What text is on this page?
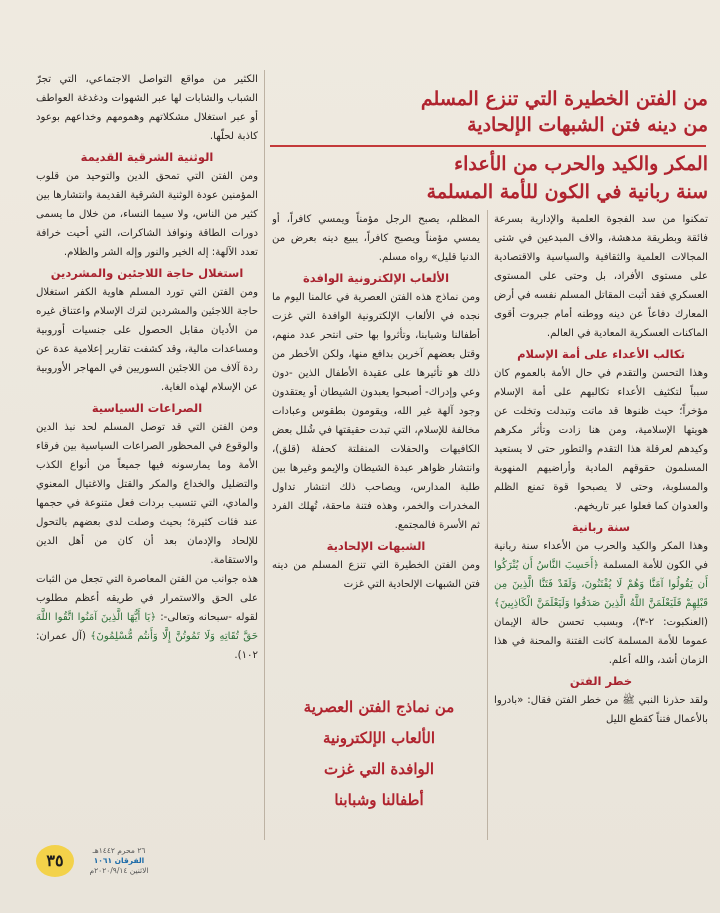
من الفتن الخطيرة التي تنزع المسلم
من دينه فتن الشبهات الإلحادية
المكر والكيد والحرب من الأعداء
سنة ربانية في الكون للأمة المسلمة

تمكنوا من سد الفجوة العلمية والإدارية بسرعة فائقة وبطريقة مدهشة، والاف المبدعين في شتى المجالات العلمية والثقافية والسياسية والاقتصادية على مستوى الأفراد، بل وحتى على المستوى العسكري فقد أثبت المقاتل المسلم نفسه في أرض المعارك دفاعاً عن دينه ووطنه أمام جبروت أقوى الماكنات العسكرية المعادية في العالم.

تكالب الأعداء على أمة الإسلام

وهذا التحسن والتقدم في حال الأمة بالعموم كان سبباً لتكثيف الأعداء تكالبهم على أمة الإسلام مؤخراً؛ حيث ظنوها قد ماتت وتبدلت وتخلت عن هويتها الإسلامية، ومن هنا زادت وتأثر مكرهم وكيدهم لعرقلة هذا التقدم والتطور حتى لا يستعيد المسلمون حقوقهم المادية وأراضيهم المنهوبة والمسلوبة، وحتى لا يصبحوا قوة تمنع الظلم والعدوان كما فعلوا عبر تاريخهم.

سنة ربانية

وهذا المكر والكيد والحرب من الأعداء سنة ربانية في الكون للأمة المسلمة ﴿أَحَسِبَ النَّاسُ أَن يُتْرَكُوا أَن يَقُولُوا آمَنَّا وَهُمْ لَا يُفْتَنُونَ، وَلَقَدْ فَتَنَّا الَّذِينَ مِن قَبْلِهِمْ فَلَيَعْلَمَنَّ اللَّهُ الَّذِينَ صَدَقُوا وَلَيَعْلَمَنَّ الْكَاذِبِينَ﴾ (العنكبوت: ٢-٣)، وبسبب تحسن حالة الإيمان عموما للأمة المسلمة كانت الفتنة والمحنة في هذا الزمان أشد، والله أعلم.

خطر الفتن

ولقد حذرنا النبي ﷺ من خطر الفتن فقال: «بادروا بالأعمال فتناً كقطع الليل

المظلم، يصبح الرجل مؤمناً ويمسي كافراً، أو يمسي مؤمناً ويصبح كافراً، يبيع دينه بعرض من الدنيا قليل» رواه مسلم.

الألعاب الإلكترونية الوافدة

ومن نماذج هذه الفتن العصرية في عالمنا اليوم ما نجده في الألعاب الإلكترونية الوافدة التي غزت أطفالنا وشبابنا، وتأثروا بها حتى انتحر عدد منهم، وقتل بعضهم آخرين بدافع منها، ولكن الأخطر من ذلك هو تأثيرها على عقيدة الأطفال الذين -دون وعي وإدراك- أصبحوا يعبدون الشيطان أو يعتقدون وجود آلهة غير الله، ويقومون بطقوس وعبادات مخالفة للإسلام، التي تبدت حقيقتها في شُلل بعض الكافيهات والحفلات المنفلتة كحفلة (قلق)، وانتشار ظواهر عبدة الشيطان والإيمو وغيرها بين طلبة المدارس، ويصاحب ذلك انتشار تداول المخدرات والخمر، وهذه فتنة ماحقة، تُهلك الفرد ثم الأسرة فالمجتمع.

الشبهات الإلحادية

ومن الفتن الخطيرة التي تنزع المسلم من دينه فتن الشبهات الإلحادية التي غزت

من نماذج الفتن العصرية
الألعاب الإلكترونية
الوافدة التي غزت
أطفالنا وشبابنا

الكثير من مواقع التواصل الاجتماعي، التي تجرّ الشباب والشابات لها عبر الشهوات ودغدغة العواطف أو عبر استغلال مشكلاتهم وهمومهم وخداعهم بوعود كاذبة لحلّها.

الوثنية الشرقية القديمة

ومن الفتن التي تمحق الدين والتوحيد من قلوب المؤمنين عودة الوثنية الشرقية القديمة وانتشارها بين كثير من الناس، ولا سيما النساء، من خلال ما يسمى دورات الطاقة ونوافذ الشاكرات، التي أحيت خرافة تعدد الآلهة: إله الخير والنور وإله الشر والظلام.

استغلال حاجة اللاجئين والمشردين

ومن الفتن التي تورد المسلم هاوية الكفر استغلال حاجة اللاجئين والمشردين لترك الإسلام واعتناق غيره من الأديان مقابل الحصول على جنسيات أوروبية ومساعدات مالية، وقد كشفت تقارير إعلامية عدة عن ردة آلاف من اللاجئين السوريين في المهاجر الأوروبية عن الإسلام لهذه الغاية.

الصراعات السياسية

ومن الفتن التي قد توصل المسلم لحد نبذ الدين والوقوع في المحظور الصراعات السياسية بين فرقاء الأمة وما يمارسونه فيها جميعاً من أنواع الكذب والتضليل والخداع والمكر والقتل والاغتيال المعنوي والمادي، التي تتسبب بردات فعل متنوعة في حجمها عند فئات كثيرة؛ بحيث وصلت لدى بعضهم بالتحول للإلحاد والإدمان بعد أن كان من أهل الدين والاستقامة.

هذه جوانب من الفتن المعاصرة التي تجعل من الثبات على الحق والاستمرار في طريقه أعظم مطلوب لقوله -سبحانه وتعالى-: ﴿يَا أَيُّهَا الَّذِينَ آمَنُوا اتَّقُوا اللَّهَ حَقَّ تُقَاتِهِ وَلَا تَمُوتُنَّ إِلَّا وَأَنتُم مُّسْلِمُونَ﴾ (آل عمران: ١٠٢).

٣٥
٢٦ محرم ١٤٤٢هـ
الفرقان ١٠٦١
الاثنين ٢٠٢٠/٩/١٤م
